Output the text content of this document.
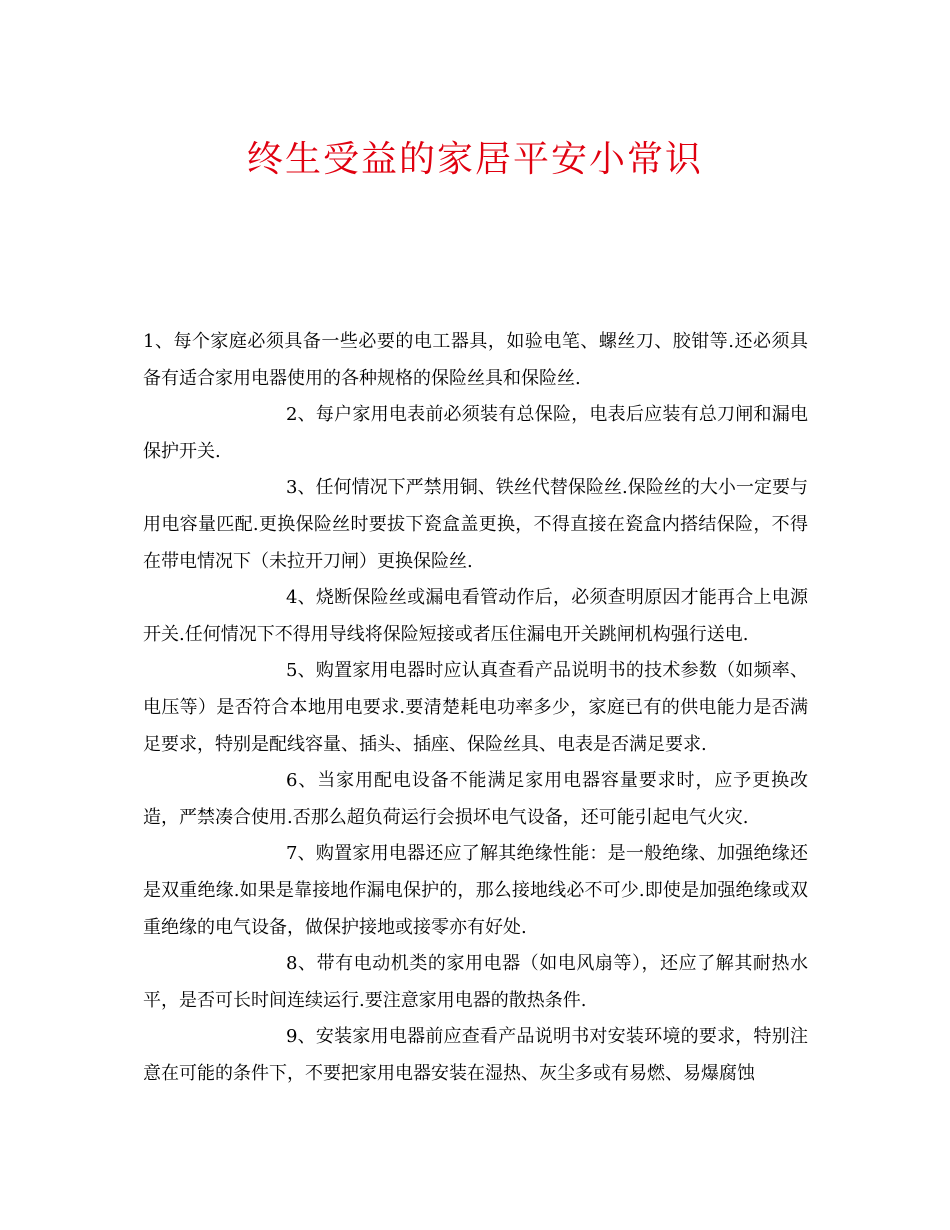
终生受益的家居平安小常识

1、每个家庭必须具备一些必要的电工器具，如验电笔、螺丝刀、胶钳等.还必须具备有适合家用电器使用的各种规格的保险丝具和保险丝.

2、每户家用电表前必须装有总保险，电表后应装有总刀闸和漏电保护开关.

3、任何情况下严禁用铜、铁丝代替保险丝.保险丝的大小一定要与用电容量匹配.更换保险丝时要拔下瓷盒盖更换，不得直接在瓷盒内搭结保险，不得在带电情况下（未拉开刀闸）更换保险丝.

4、烧断保险丝或漏电看管动作后，必须查明原因才能再合上电源开关.任何情况下不得用导线将保险短接或者压住漏电开关跳闸机构强行送电.

5、购置家用电器时应认真查看产品说明书的技术参数（如频率、电压等）是否符合本地用电要求.要清楚耗电功率多少，家庭已有的供电能力是否满足要求，特别是配线容量、插头、插座、保险丝具、电表是否满足要求.

6、当家用配电设备不能满足家用电器容量要求时，应予更换改造，严禁凑合使用.否那么超负荷运行会损坏电气设备，还可能引起电气火灾.

7、购置家用电器还应了解其绝缘性能：是一般绝缘、加强绝缘还是双重绝缘.如果是靠接地作漏电保护的，那么接地线必不可少.即使是加强绝缘或双重绝缘的电气设备，做保护接地或接零亦有好处.

8、带有电动机类的家用电器（如电风扇等），还应了解其耐热水平，是否可长时间连续运行.要注意家用电器的散热条件.

9、安装家用电器前应查看产品说明书对安装环境的要求，特别注意在可能的条件下，不要把家用电器安装在湿热、灰尘多或有易燃、易爆腐蚀
